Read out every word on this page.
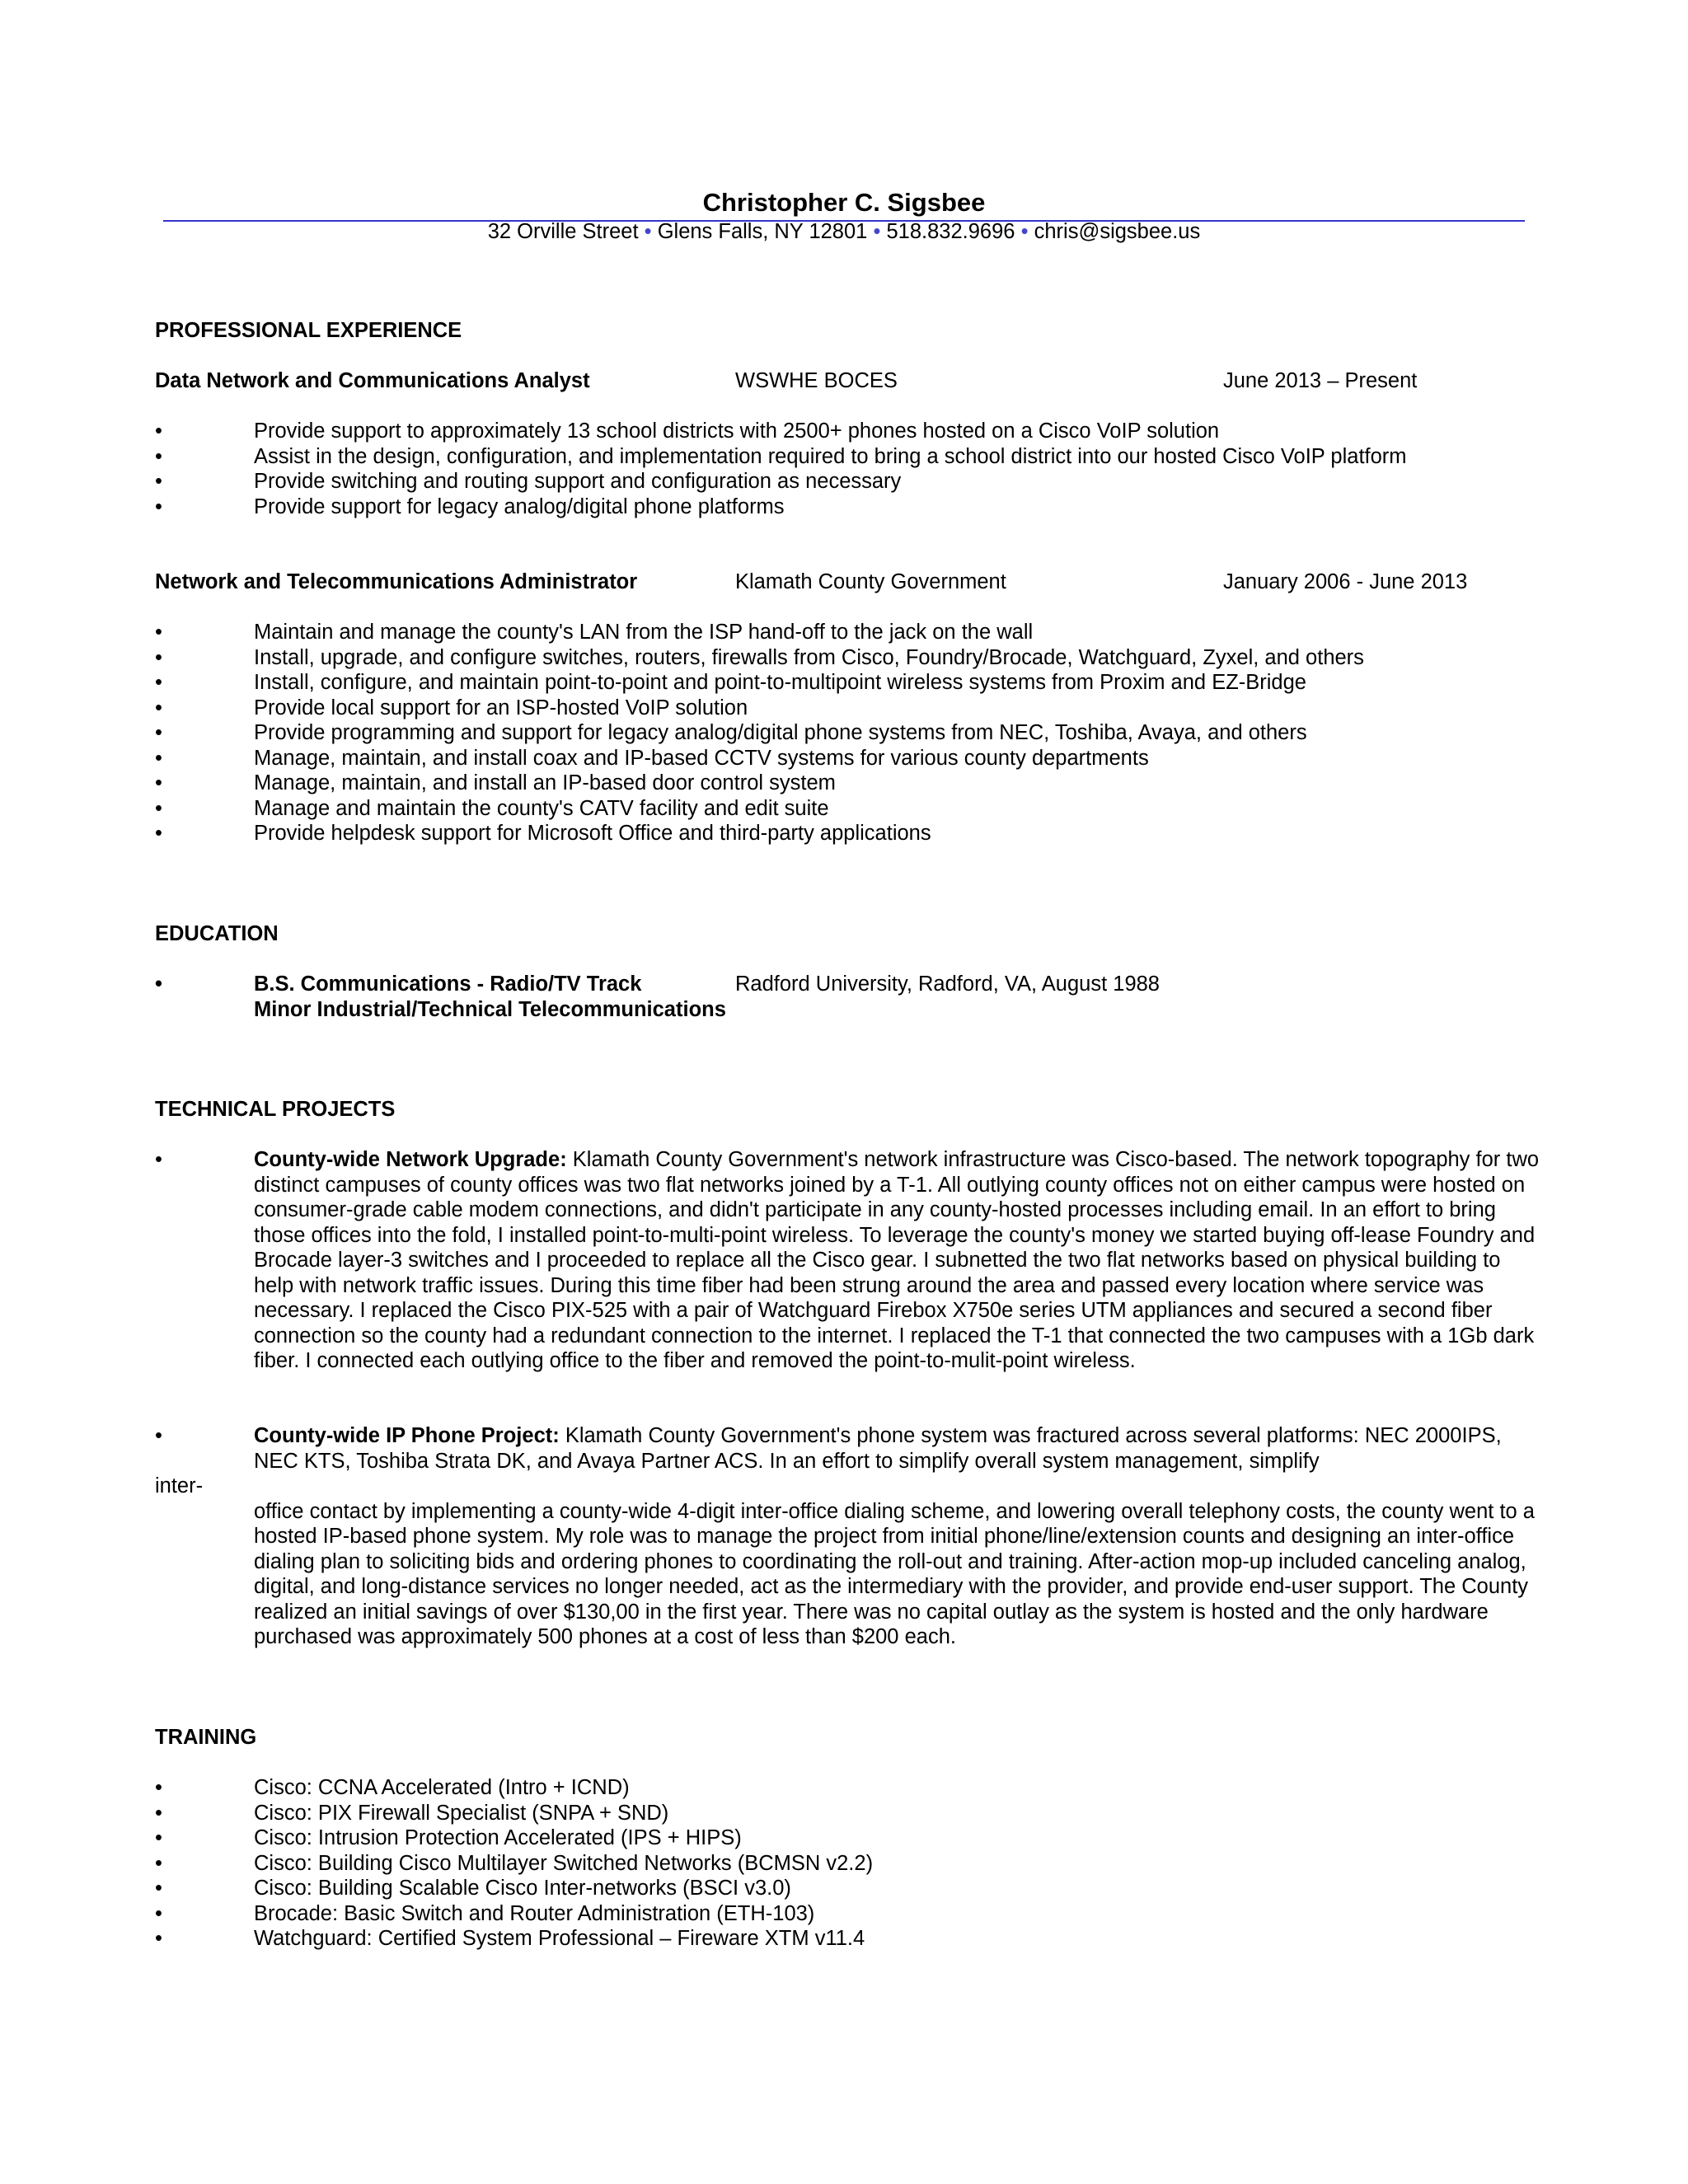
Christopher C. Sigsbee
32 Orville Street • Glens Falls, NY 12801 • 518.832.9696 • chris@sigsbee.us
PROFESSIONAL EXPERIENCE
Data Network and Communications Analyst	WSWHE BOCES	June 2013 – Present
•	Provide support to approximately 13 school districts with 2500+ phones hosted on a Cisco VoIP solution
•	Assist in the design, configuration, and implementation required to bring a school district into our hosted Cisco VoIP platform
•	Provide switching and routing support and configuration as necessary
•	Provide support for legacy analog/digital phone platforms
Network and Telecommunications Administrator	Klamath County Government	January 2006 - June 2013
•	Maintain and manage the county's LAN from the ISP hand-off to the jack on the wall
•	Install, upgrade, and configure switches, routers, firewalls from Cisco, Foundry/Brocade, Watchguard, Zyxel, and others
•	Install, configure, and maintain point-to-point and point-to-multipoint wireless systems from Proxim and EZ-Bridge
•	Provide local support for an ISP-hosted VoIP solution
•	Provide programming and support for legacy analog/digital phone systems from NEC, Toshiba, Avaya, and others
•	Manage, maintain, and install coax and IP-based CCTV systems for various county departments
•	Manage, maintain, and install an IP-based door control system
•	Manage and maintain the county's CATV facility and edit suite
•	Provide helpdesk support for Microsoft Office and third-party applications
EDUCATION
•	B.S. Communications - Radio/TV Track	Radford University, Radford, VA, August 1988
Minor Industrial/Technical Telecommunications
TECHNICAL PROJECTS
•	County-wide Network Upgrade: Klamath County Government's network infrastructure was Cisco-based. The network topography for two distinct campuses of county offices was two flat networks joined by a T-1. All outlying county offices not on either campus were hosted on consumer-grade cable modem connections, and didn't participate in any county-hosted processes including email. In an effort to bring those offices into the fold, I installed point-to-multi-point wireless. To leverage the county's money we started buying off-lease Foundry and Brocade layer-3 switches and I proceeded to replace all the Cisco gear. I subnetted the two flat networks based on physical building to help with network traffic issues. During this time fiber had been strung around the area and passed every location where service was necessary. I replaced the Cisco PIX-525 with a pair of Watchguard Firebox X750e series UTM appliances and secured a second fiber connection so the county had a redundant connection to the internet. I replaced the T-1 that connected the two campuses with a 1Gb dark fiber. I connected each outlying office to the fiber and removed the point-to-mulit-point wireless.
•	County-wide IP Phone Project: Klamath County Government's phone system was fractured across several platforms: NEC 2000IPS, NEC KTS, Toshiba Strata DK, and Avaya Partner ACS. In an effort to simplify overall system management, simplify
inter-
office contact by implementing a county-wide 4-digit inter-office dialing scheme, and lowering overall telephony costs, the county went to a hosted IP-based phone system. My role was to manage the project from initial phone/line/extension counts and designing an inter-office dialing plan to soliciting bids and ordering phones to coordinating the roll-out and training. After-action mop-up included canceling analog, digital, and long-distance services no longer needed, act as the intermediary with the provider, and provide end-user support. The County realized an initial savings of over $130,00 in the first year. There was no capital outlay as the system is hosted and the only hardware purchased was approximately 500 phones at a cost of less than $200 each.
TRAINING
•	Cisco: CCNA Accelerated (Intro + ICND)
•	Cisco: PIX Firewall Specialist (SNPA + SND)
•	Cisco: Intrusion Protection Accelerated (IPS + HIPS)
•	Cisco: Building Cisco Multilayer Switched Networks (BCMSN v2.2)
•	Cisco: Building Scalable Cisco Inter-networks (BSCI v3.0)
•	Brocade: Basic Switch and Router Administration (ETH-103)
•	Watchguard: Certified System Professional – Fireware XTM v11.4
